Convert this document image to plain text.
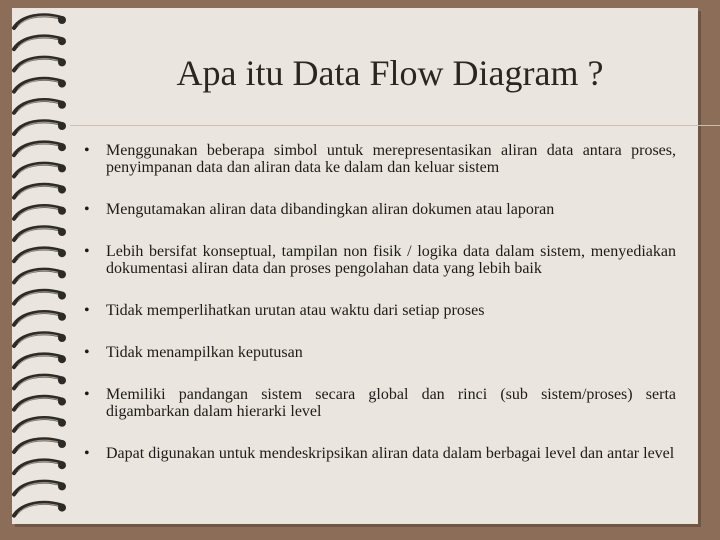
Apa itu Data Flow Diagram ?
• Menggunakan beberapa simbol untuk merepresentasikan aliran data antara proses, penyimpanan data dan aliran data ke dalam dan keluar sistem
• Mengutamakan aliran data dibandingkan aliran dokumen atau laporan
• Lebih bersifat konseptual, tampilan non fisik / logika data dalam sistem, menyediakan dokumentasi aliran data dan proses pengolahan data yang lebih baik
• Tidak memperlihatkan urutan atau waktu dari setiap proses
• Tidak menampilkan keputusan
• Memiliki pandangan sistem secara global dan rinci (sub sistem/proses) serta digambarkan dalam hierarki level
• Dapat digunakan untuk mendeskripsikan aliran data dalam berbagai level dan antar level
